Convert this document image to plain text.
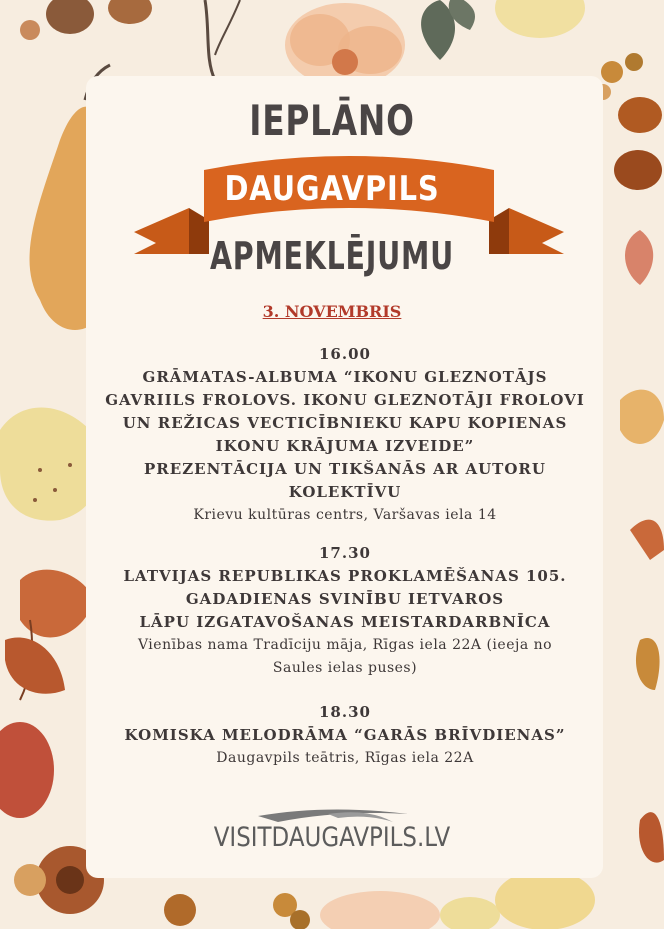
IEPLĀNO
DAUGAVPILS
APMEKLĒJUMU
3. NOVEMBRIS
16.00
GRĀMATAS-ALBUMA “IKONU GLEZNOTĀJS
GAVRIILS FROLOVS. IKONU GLEZNOTĀJI FROLOVI
UN REŽICAS VECTICĪBNIEKU KAPU KOPIENAS
IKONU KRĀJUMA IZVEIDE”
PREZENTĀCIJA UN TIKŠANĀS AR AUTORU
KOLEKTĪVU
Krievu kultūras centrs, Varšavas iela 14
17.30
LATVIJAS REPUBLIKAS PROKLAMĒŠANAS 105.
GADADIENAS SVINĪBU IETVAROS
LĀPU IZGATAVOŠANAS MEISTARDARBNĪCA
Vienības nama Tradīciju māja, Rīgas iela 22A (ieeja no
Saules ielas puses)
18.30
KOMISKA MELODRĀMA “GARĀS BRĪVDIENAS”
Daugavpils teātris, Rīgas iela 22A
VISITDAUGAVPILS.LV
